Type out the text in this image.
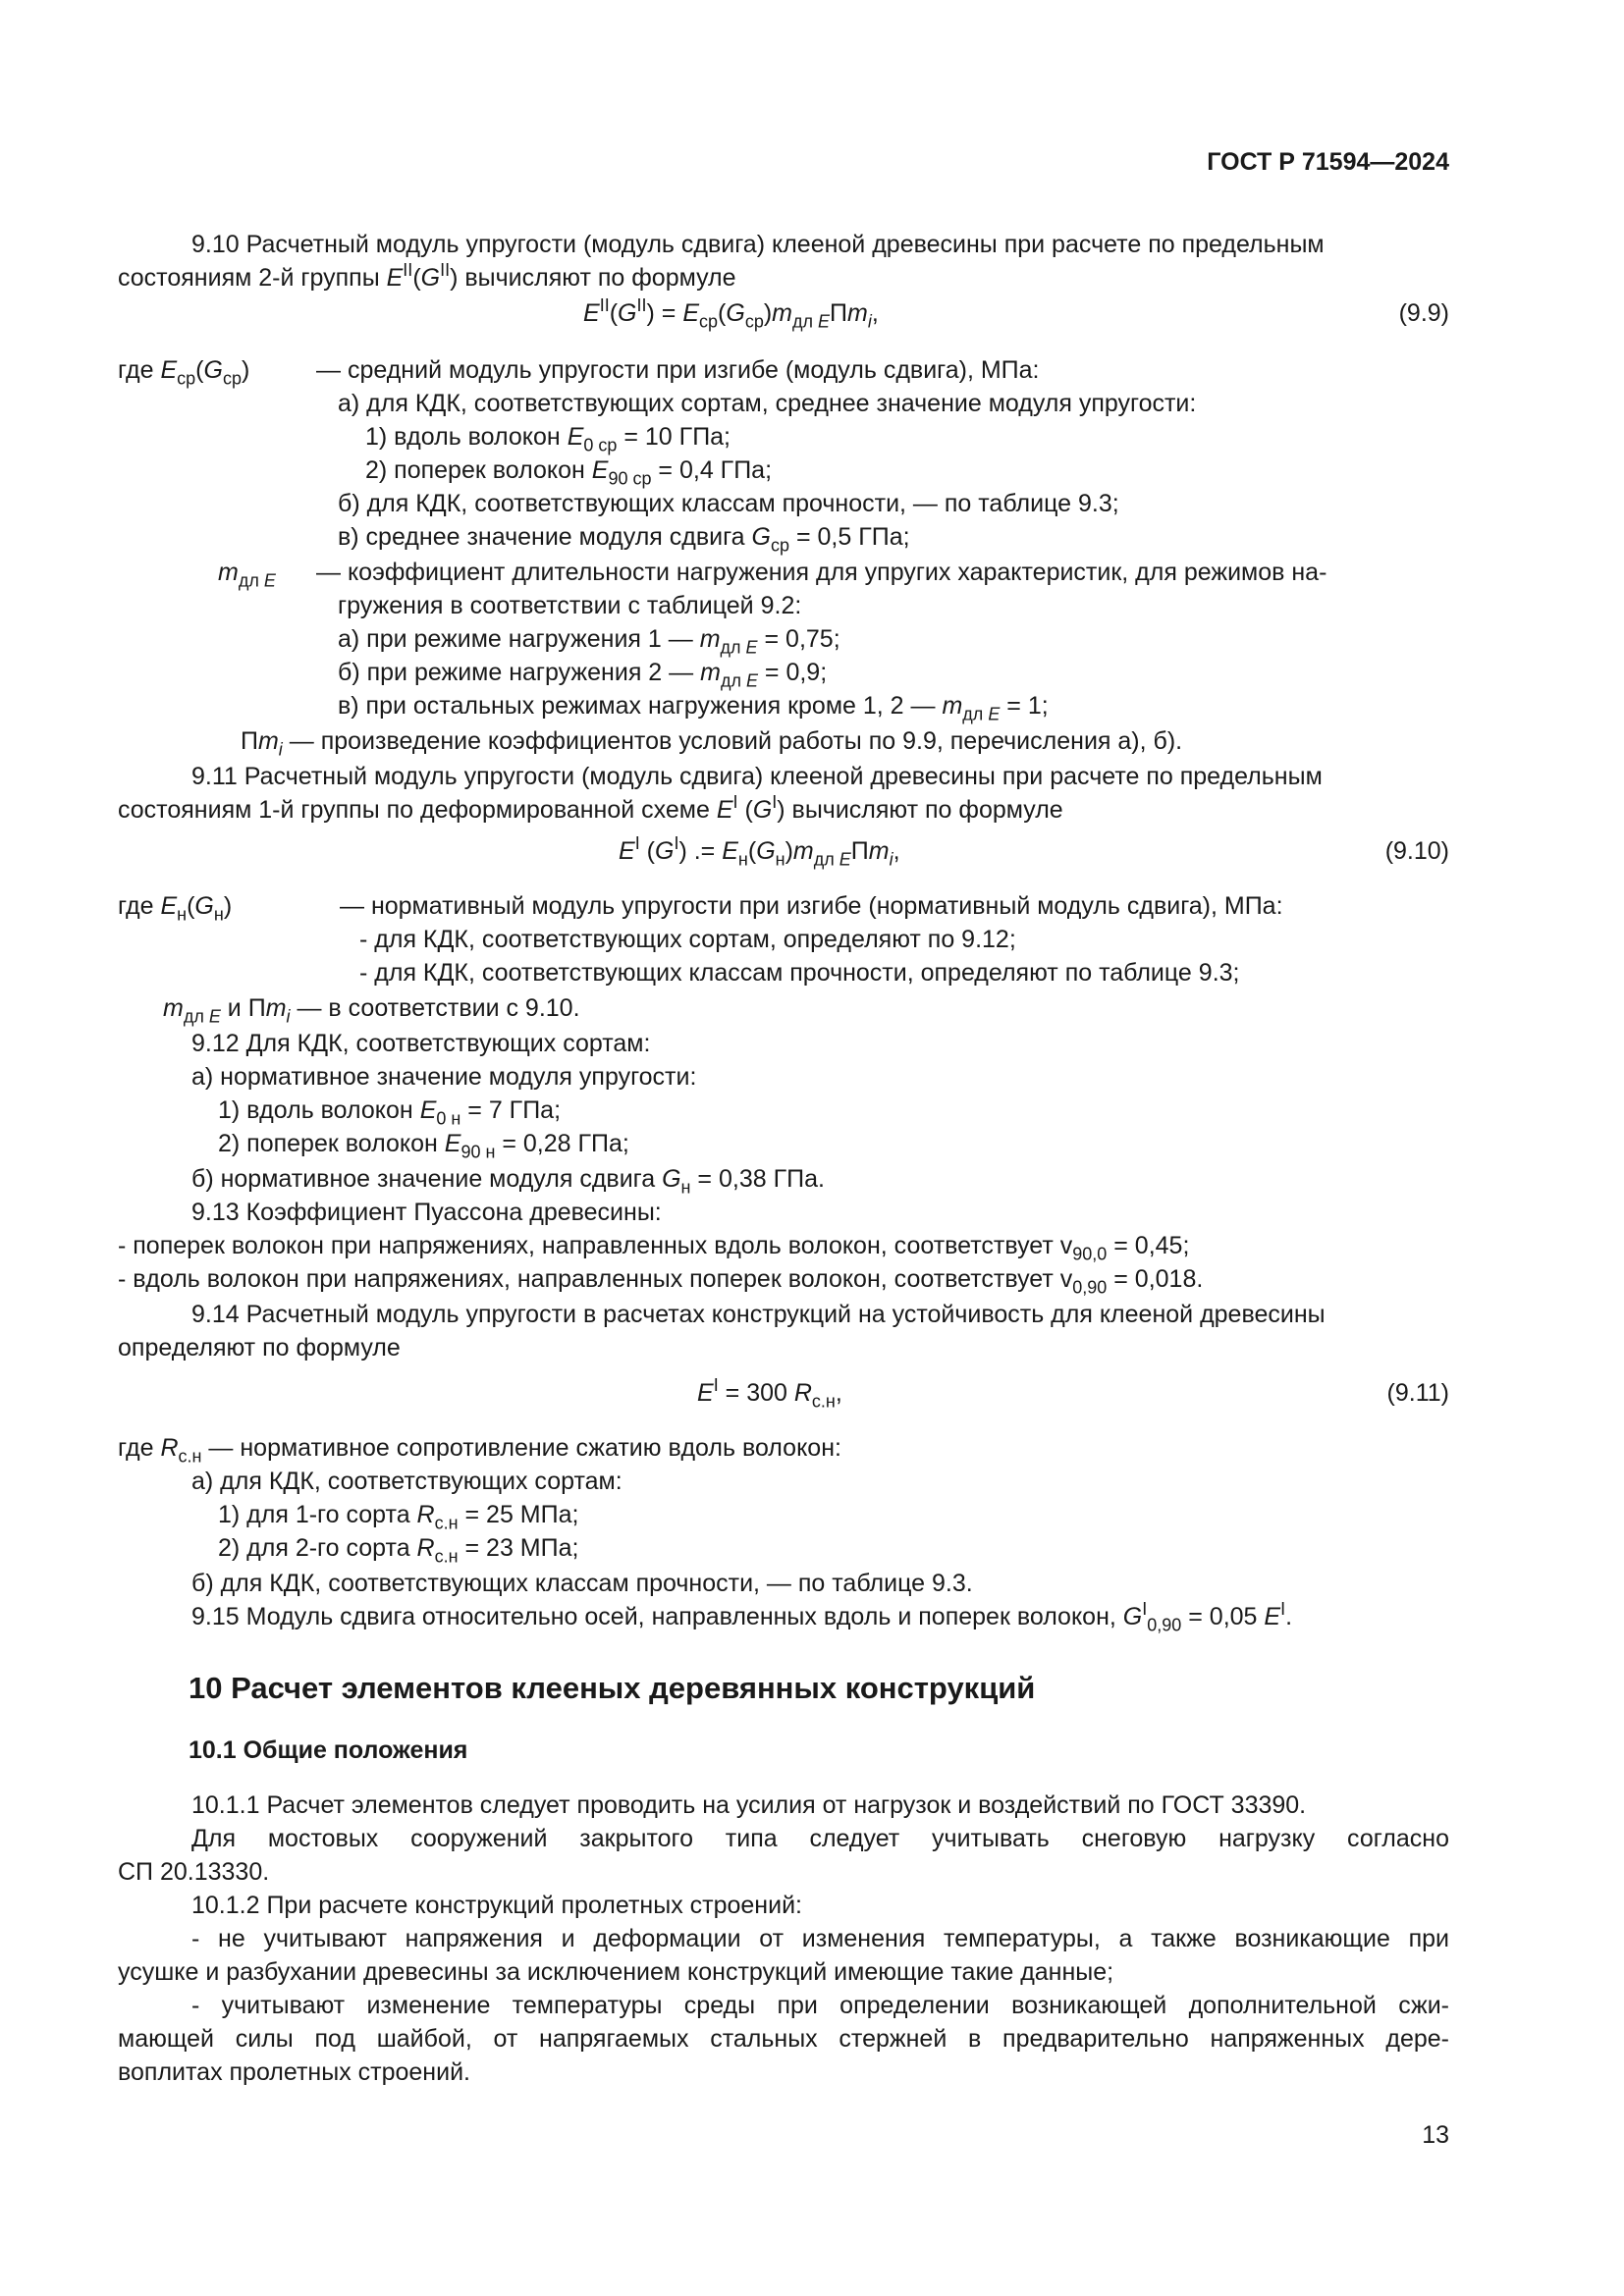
ГОСТ Р 71594—2024
9.10 Расчетный модуль упругости (модуль сдвига) клееной древесины при расчете по предельным
состояниям 2-й группы $E^{II}(G^{II})$ вычисляют по формуле
$E^{II}(G^{II}) = E_{ср}(G_{ср})m_{дл E}Пm_i$,	(9.9)
где $E_{ср}(G_{ср})$	— средний модуль упругости при изгибе (модуль сдвига), МПа:
а) для КДК, соответствующих сортам, среднее значение модуля упругости:
1) вдоль волокон $E_{0 ср} = 10$ ГПа;
2) поперек волокон $E_{90 ср} = 0,4$ ГПа;
б) для КДК, соответствующих классам прочности, — по таблице 9.3;
в) среднее значение модуля сдвига $G_{ср} = 0,5$ ГПа;
$m_{дл E}$ — коэффициент длительности нагружения для упругих характеристик, для режимов на-
гружения в соответствии с таблицей 9.2:
а) при режиме нагружения 1 — $m_{дл E} = 0,75$;
б) при режиме нагружения 2 — $m_{дл E} = 0,9$;
в) при остальных режимах нагружения кроме 1, 2 — $m_{дл E} = 1$;
$Пm_i$ — произведение коэффициентов условий работы по 9.9, перечисления а), б).
9.11 Расчетный модуль упругости (модуль сдвига) клееной древесины при расчете по предельным
состояниям 1-й группы по деформированной схеме $E^I$ $(G^I)$ вычисляют по формуле
$E^I$ $(G^I)$ .= $E_н(G_н)m_{дл E}Пm_i$,	(9.10)
где $E_н(G_н)$	— нормативный модуль упругости при изгибе (нормативный модуль сдвига), МПа:
- для КДК, соответствующих сортам, определяют по 9.12;
- для КДК, соответствующих классам прочности, определяют по таблице 9.3;
$m_{дл E}$ и $Пm_i$ — в соответствии с 9.10.
9.12 Для КДК, соответствующих сортам:
а) нормативное значение модуля упругости:
1) вдоль волокон $E_{0 н} = 7$ ГПа;
2) поперек волокон $E_{90 н} = 0,28$ ГПа;
б) нормативное значение модуля сдвига $G_н = 0,38$ ГПа.
9.13 Коэффициент Пуассона древесины:
- поперек волокон при напряжениях, направленных вдоль волокон, соответствует $v_{90,0} = 0,45$;
- вдоль волокон при напряжениях, направленных поперек волокон, соответствует $v_{0,90} = 0,018$.
9.14 Расчетный модуль упругости в расчетах конструкций на устойчивость для клееной древесины
определяют по формуле
$E^I = 300$ $R_{с.н}$,	(9.11)
где $R_{с.н}$ — нормативное сопротивление сжатию вдоль волокон:
а) для КДК, соответствующих сортам:
1) для 1-го сорта $R_{с.н} = 25$ МПа;
2) для 2-го сорта $R_{с.н} = 23$ МПа;
б) для КДК, соответствующих классам прочности, — по таблице 9.3.
9.15 Модуль сдвига относительно осей, направленных вдоль и поперек волокон, $G^I_{0,90} = 0,05$ $E^I$.
10 Расчет элементов клееных деревянных конструкций
10.1 Общие положения
10.1.1 Расчет элементов следует проводить на усилия от нагрузок и воздействий по ГОСТ 33390.
Для мостовых сооружений закрытого типа следует учитывать снеговую нагрузку согласно
СП 20.13330.
10.1.2 При расчете конструкций пролетных строений:
- не учитывают напряжения и деформации от изменения температуры, а также возникающие при
усушке и разбухании древесины за исключением конструкций имеющие такие данные;
- учитывают изменение температуры среды при определении возникающей дополнительной сжи-
мающей силы под шайбой, от напрягаемых стальных стержней в предварительно напряженных дере-
воплитах пролетных строений.
13
